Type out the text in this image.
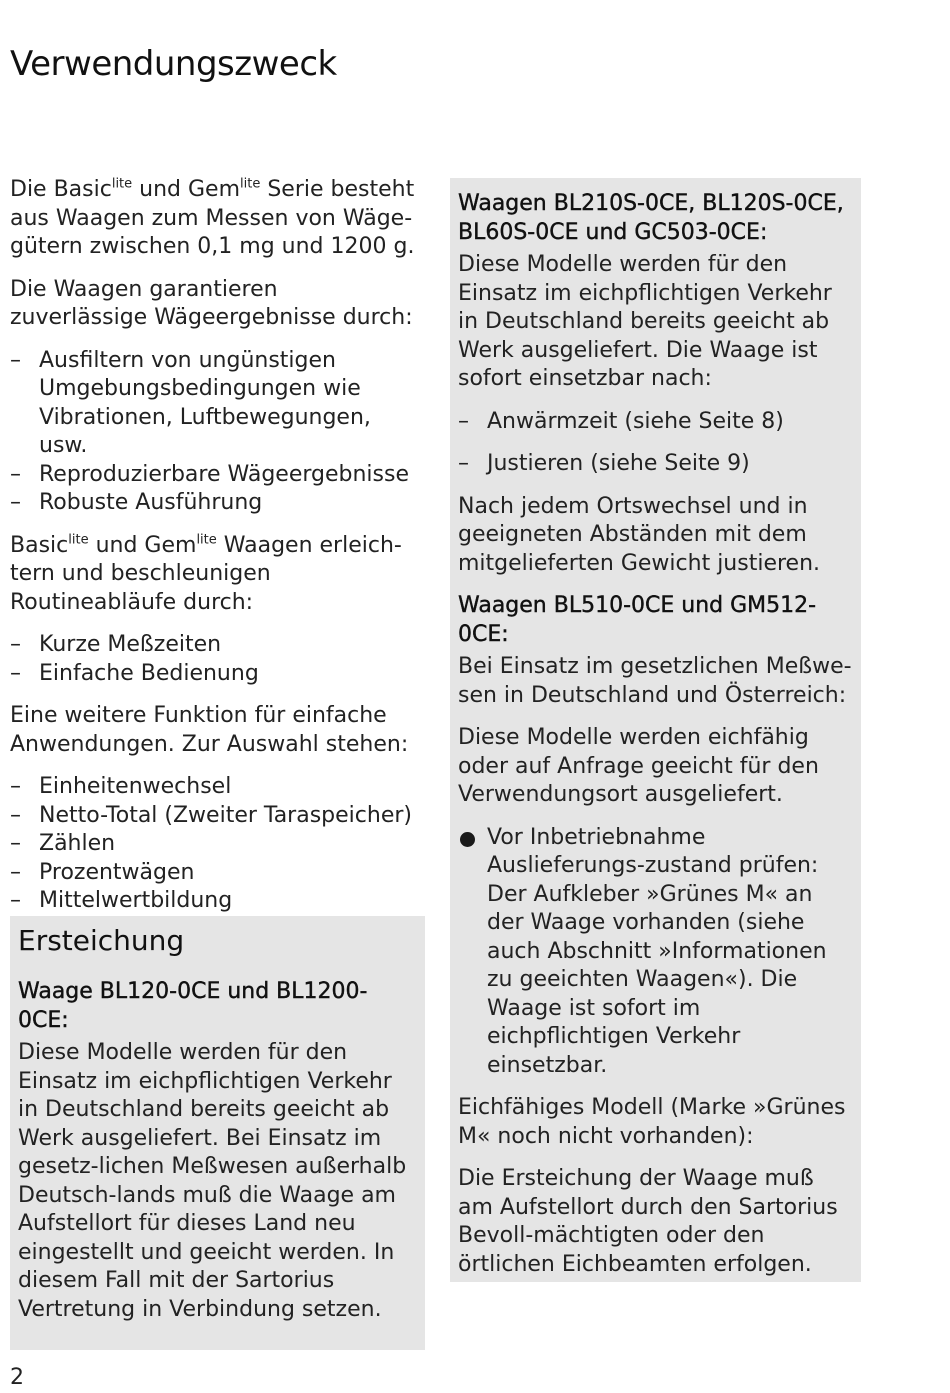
Verwendungszweck

Die Basic$^{lite}$ und Gem$^{lite}$ Serie besteht aus Waagen zum Messen von Wäge-gütern zwischen 0,1 mg und 1200 g.

Die Waagen garantieren zuverlässige Wägeergebnisse durch:

– Ausfiltern von ungünstigen Umgebungsbedingungen wie Vibrationen, Luftbewegungen, usw.
– Reproduzierbare Wägeergebnisse
– Robuste Ausführung

Basic$^{lite}$ und Gem$^{lite}$ Waagen erleich-tern und beschleunigen Routineabläufe durch:

– Kurze Meßzeiten
– Einfache Bedienung

Eine weitere Funktion für einfache Anwendungen. Zur Auswahl stehen:

– Einheitenwechsel
– Netto-Total (Zweiter Taraspeicher)
– Zählen
– Prozentwägen
– Mittelwertbildung
Ersteichung
Waage BL120-0CE und BL1200-0CE:

Diese Modelle werden für den Einsatz im eichpflichtigen Verkehr in Deutschland bereits geeicht ab Werk ausgeliefert. Bei Einsatz im gesetz-lichen Meßwesen außerhalb Deutsch-lands muß die Waage am Aufstellort für dieses Land neu eingestellt und geeicht werden. In diesem Fall mit der Sartorius Vertretung in Verbindung setzen.

Waagen BL210S-0CE, BL120S-0CE, BL60S-0CE und GC503-0CE:

Diese Modelle werden für den Einsatz im eichpflichtigen Verkehr in Deutschland bereits geeicht ab Werk ausgeliefert. Die Waage ist sofort einsetzbar nach:

– Anwärmzeit (siehe Seite 8)
– Justieren (siehe Seite 9)

Nach jedem Ortswechsel und in geeigneten Abständen mit dem mitgelieferten Gewicht justieren.

Waagen BL510-0CE und GM512-0CE:

Bei Einsatz im gesetzlichen Meßwe-sen in Deutschland und Österreich:

Diese Modelle werden eichfähig oder auf Anfrage geeicht für den Verwendungsort ausgeliefert.

Vor Inbetriebnahme Auslieferungs-zustand prüfen:
Der Aufkleber »Grünes M« an der Waage vorhanden (siehe auch Abschnitt »Informationen zu geeichten Waagen«). Die Waage ist sofort im eichpflichtigen Verkehr einsetzbar.

Eichfähiges Modell (Marke »Grünes M« noch nicht vorhanden):

Die Ersteichung der Waage muß am Aufstellort durch den Sartorius Bevoll-mächtigten oder den örtlichen Eichbeamten erfolgen.

2
